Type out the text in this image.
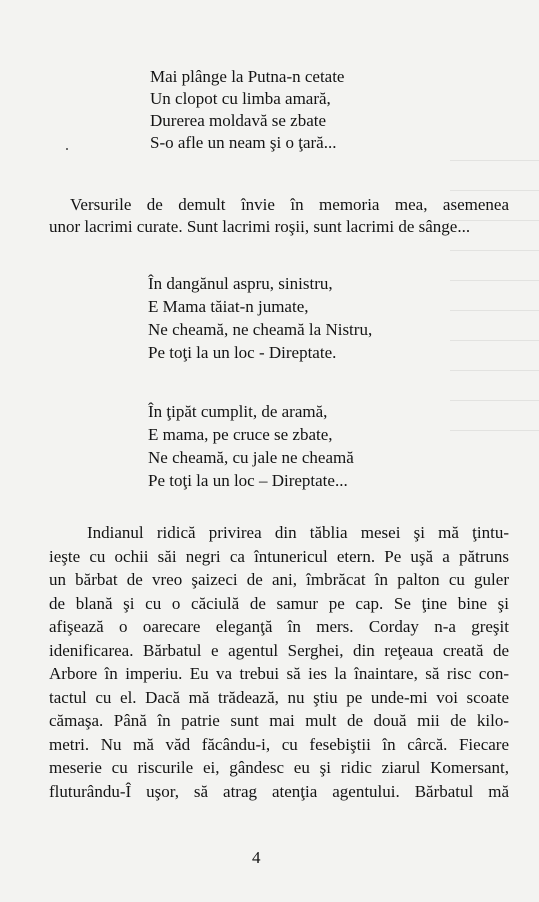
Mai plânge la Putna-n cetate
Un clopot cu limba amară,
Durerea moldavă se zbate
S-o afle un neam şi o ţară...
Versurile de demult învie în memoria mea, asemenea
unor lacrimi curate. Sunt lacrimi roşii, sunt lacrimi de sânge...
În dangănul aspru, sinistru,
E Mama tăiat-n jumate,
Ne cheamă, ne cheamă la Nistru,
Pe toţi la un loc - Direptate.
În ţipăt cumplit, de aramă,
E mama, pe cruce se zbate,
Ne cheamă, cu jale ne cheamă
Pe toţi la un loc – Direptate...
Indianul ridică privirea din tăblia mesei şi mă ţintu-
ieşte cu ochii săi negri ca întunericul etern. Pe uşă a pătruns
un bărbat de vreo şaizeci de ani, îmbrăcat în palton cu guler
de blană şi cu o căciulă de samur pe cap. Se ţine bine şi
afişează o oarecare eleganţă în mers. Corday n-a greşit
idenificarea. Bărbatul e agentul Serghei, din reţeaua creată de
Arbore în imperiu. Eu va trebui să ies la înaintare, să risc con-
tactul cu el. Dacă mă trădează, nu ştiu pe unde-mi voi scoate
cămaşa. Până în patrie sunt mai mult de două mii de kilo-
metri. Nu mă văd făcându-i, cu fesebiştii în cârcă. Fiecare
meserie cu riscurile ei, gândesc eu şi ridic ziarul Komersant,
fluturându-Î uşor, să atrag atenţia agentului. Bărbatul mă
4
